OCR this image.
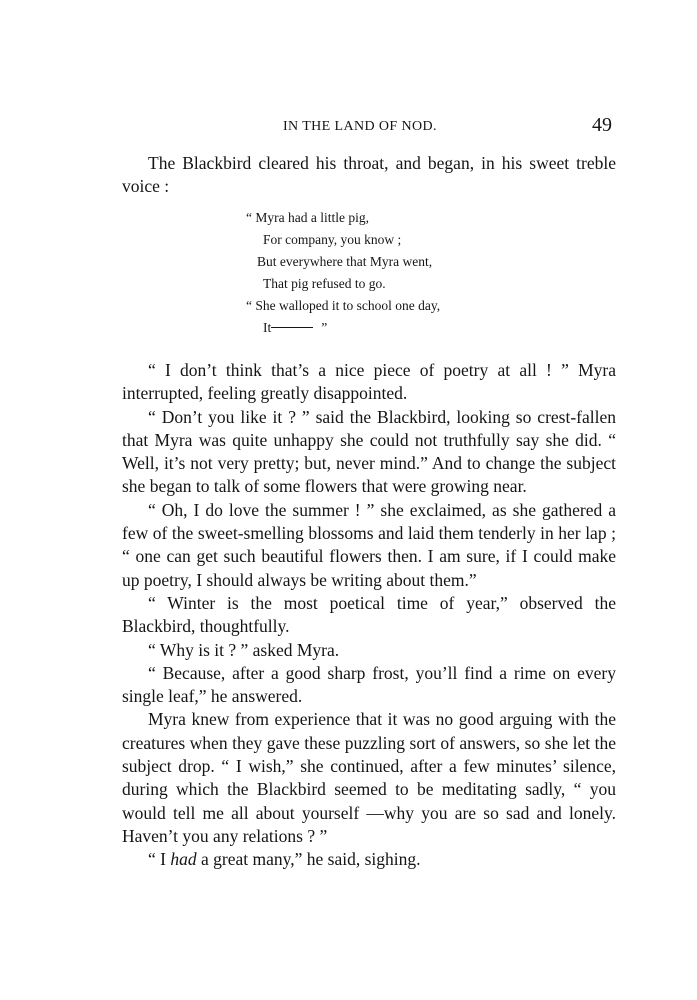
IN THE LAND OF NOD.	49

The Blackbird cleared his throat, and began, in his sweet treble voice :

“ Myra had a little pig,
For company, you know ;
But everywhere that Myra went,
That pig refused to go.
“ She walloped it to school one day,
It	”

“ I don’t think that’s a nice piece of poetry at all ! ” Myra interrupted, feeling greatly disappointed.

“ Don’t you like it ? ” said the Blackbird, looking so crest-fallen that Myra was quite unhappy she could not truthfully say she did. “ Well, it’s not very pretty; but, never mind.” And to change the subject she began to talk of some flowers that were growing near.

“ Oh, I do love the summer ! ” she exclaimed, as she gathered a few of the sweet-smelling blossoms and laid them tenderly in her lap ; “ one can get such beautiful flowers then. I am sure, if I could make up poetry, I should always be writing about them.”

“ Winter is the most poetical time of year,” observed the Blackbird, thoughtfully.

“ Why is it ? ” asked Myra.

“ Because, after a good sharp frost, you’ll find a rime on every single leaf,” he answered.

Myra knew from experience that it was no good arguing with the creatures when they gave these puzzling sort of answers, so she let the subject drop. “ I wish,” she continued, after a few minutes’ silence, during which the Blackbird seemed to be meditating sadly, “ you would tell me all about yourself —why you are so sad and lonely. Haven’t you any relations ? ”

“ I had a great many,” he said, sighing.
